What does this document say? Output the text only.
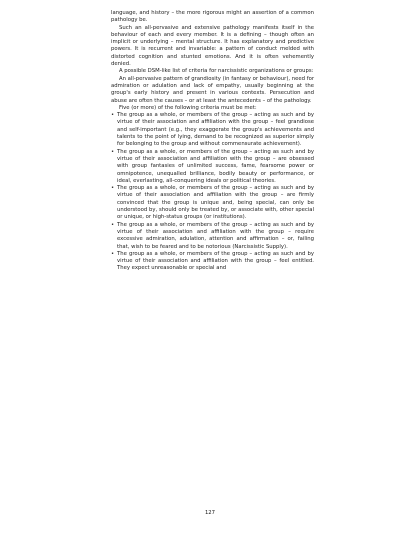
language, and history – the more rigorous might an assertion of a common pathology be.

Such an all-pervasive and extensive pathology manifests itself in the behaviour of each and every member. It is a defining – though often an implicit or underlying – mental structure. It has explanatory and predictive powers. It is recurrent and invariable: a pattern of conduct melded with distorted cognition and stunted emotions. And it is often vehemently denied.

A possible DSM-like list of criteria for narcissistic organizations or groups:

An all-pervasive pattern of grandiosity (in fantasy or behaviour), need for admiration or adulation and lack of empathy, usually beginning at the group's early history and present in various contexts. Persecution and abuse are often the causes – or at least the antecedents – of the pathology.

Five (or more) of the following criteria must be met:

• The group as a whole, or members of the group – acting as such and by virtue of their association and affiliation with the group – feel grandiose and self-important (e.g., they exaggerate the group's achievements and talents to the point of lying, demand to be recognized as superior simply for belonging to the group and without commensurate achievement).
• The group as a whole, or members of the group – acting as such and by virtue of their association and affiliation with the group – are obsessed with group fantasies of unlimited success, fame, fearsome power or omnipotence, unequalled brilliance, bodily beauty or performance, or ideal, everlasting, all-conquering ideals or political theories.
• The group as a whole, or members of the group – acting as such and by virtue of their association and affiliation with the group – are firmly convinced that the group is unique and, being special, can only be understood by, should only be treated by, or associate with, other special or unique, or high-status groups (or institutions).
• The group as a whole, or members of the group – acting as such and by virtue of their association and affiliation with the group – require excessive admiration, adulation, attention and affirmation – or, failing that, wish to be feared and to be notorious (Narcissistic Supply).
• The group as a whole, or members of the group – acting as such and by virtue of their association and affiliation with the group – feel entitled. They expect unreasonable or special and
127
